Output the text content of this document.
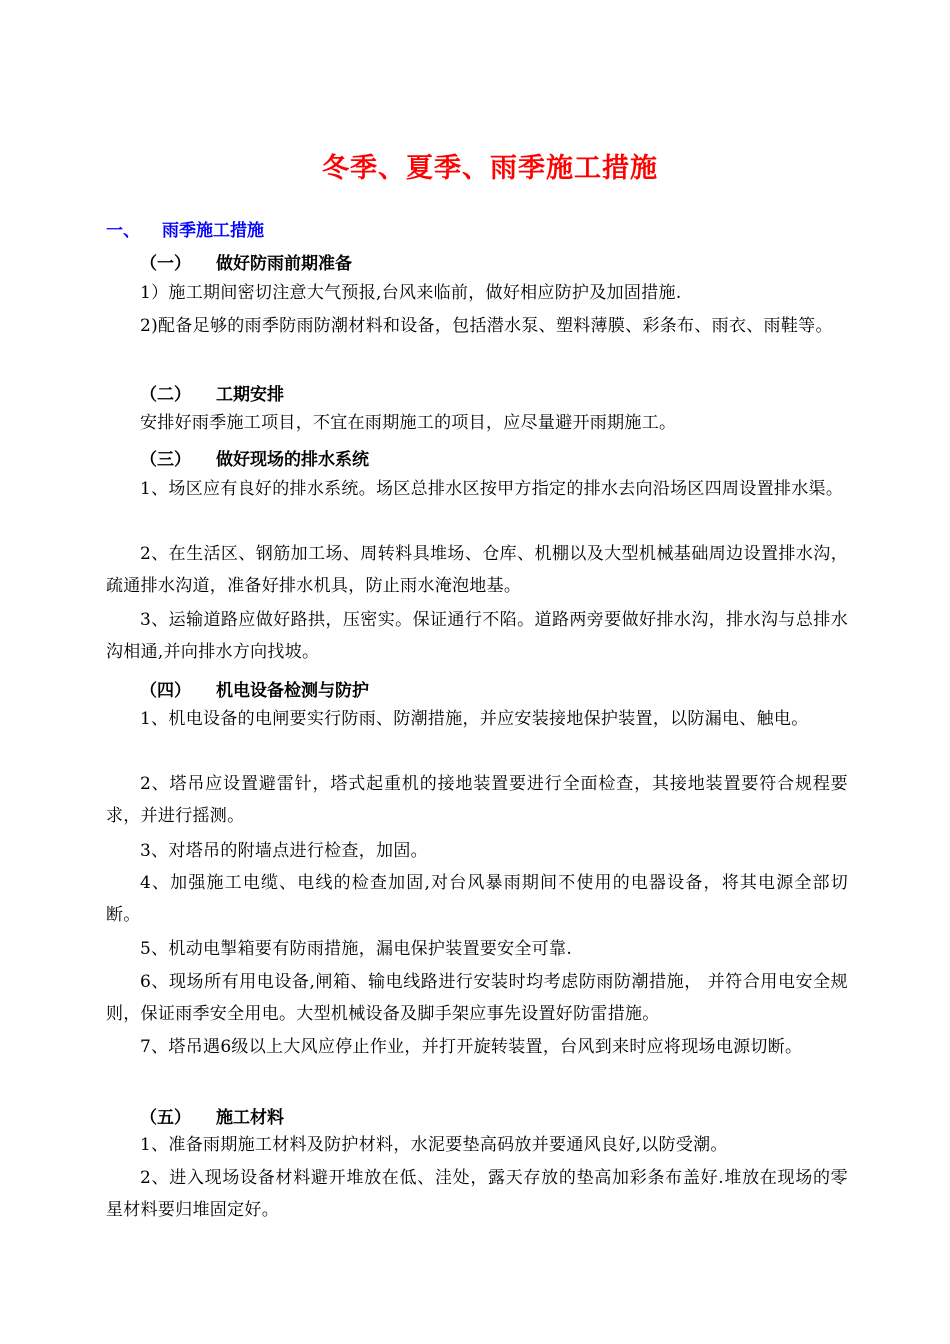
冬季、夏季、雨季施工措施
一、 雨季施工措施
（一） 做好防雨前期准备
1）施工期间密切注意大气预报,台风来临前，做好相应防护及加固措施.
2)配备足够的雨季防雨防潮材料和设备，包括潜水泵、塑料薄膜、彩条布、雨衣、雨鞋等。
（二） 工期安排
安排好雨季施工项目，不宜在雨期施工的项目，应尽量避开雨期施工。
（三） 做好现场的排水系统
1、场区应有良好的排水系统。场区总排水区按甲方指定的排水去向沿场区四周设置排水渠。
2、在生活区、钢筋加工场、周转料具堆场、仓库、机棚以及大型机械基础周边设置排水沟，疏通排水沟道，准备好排水机具，防止雨水淹泡地基。
3、运输道路应做好路拱，压密实。保证通行不陷。道路两旁要做好排水沟，排水沟与总排水沟相通,并向排水方向找坡。
（四） 机电设备检测与防护
1、机电设备的电闸要实行防雨、防潮措施，并应安装接地保护装置，以防漏电、触电。
2、塔吊应设置避雷针，塔式起重机的接地装置要进行全面检查，其接地装置要符合规程要求，并进行摇测。
3、对塔吊的附墙点进行检查，加固。
4、加强施工电缆、电线的检查加固,对台风暴雨期间不使用的电器设备，将其电源全部切断。
5、机动电掣箱要有防雨措施，漏电保护装置要安全可靠.
6、现场所有用电设备,闸箱、输电线路进行安装时均考虑防雨防潮措施， 并符合用电安全规则，保证雨季安全用电。大型机械设备及脚手架应事先设置好防雷措施。
7、塔吊遇6级以上大风应停止作业，并打开旋转装置，台风到来时应将现场电源切断。
（五） 施工材料
1、准备雨期施工材料及防护材料，水泥要垫高码放并要通风良好,以防受潮。
2、进入现场设备材料避开堆放在低、洼处，露天存放的垫高加彩条布盖好.堆放在现场的零星材料要归堆固定好。
